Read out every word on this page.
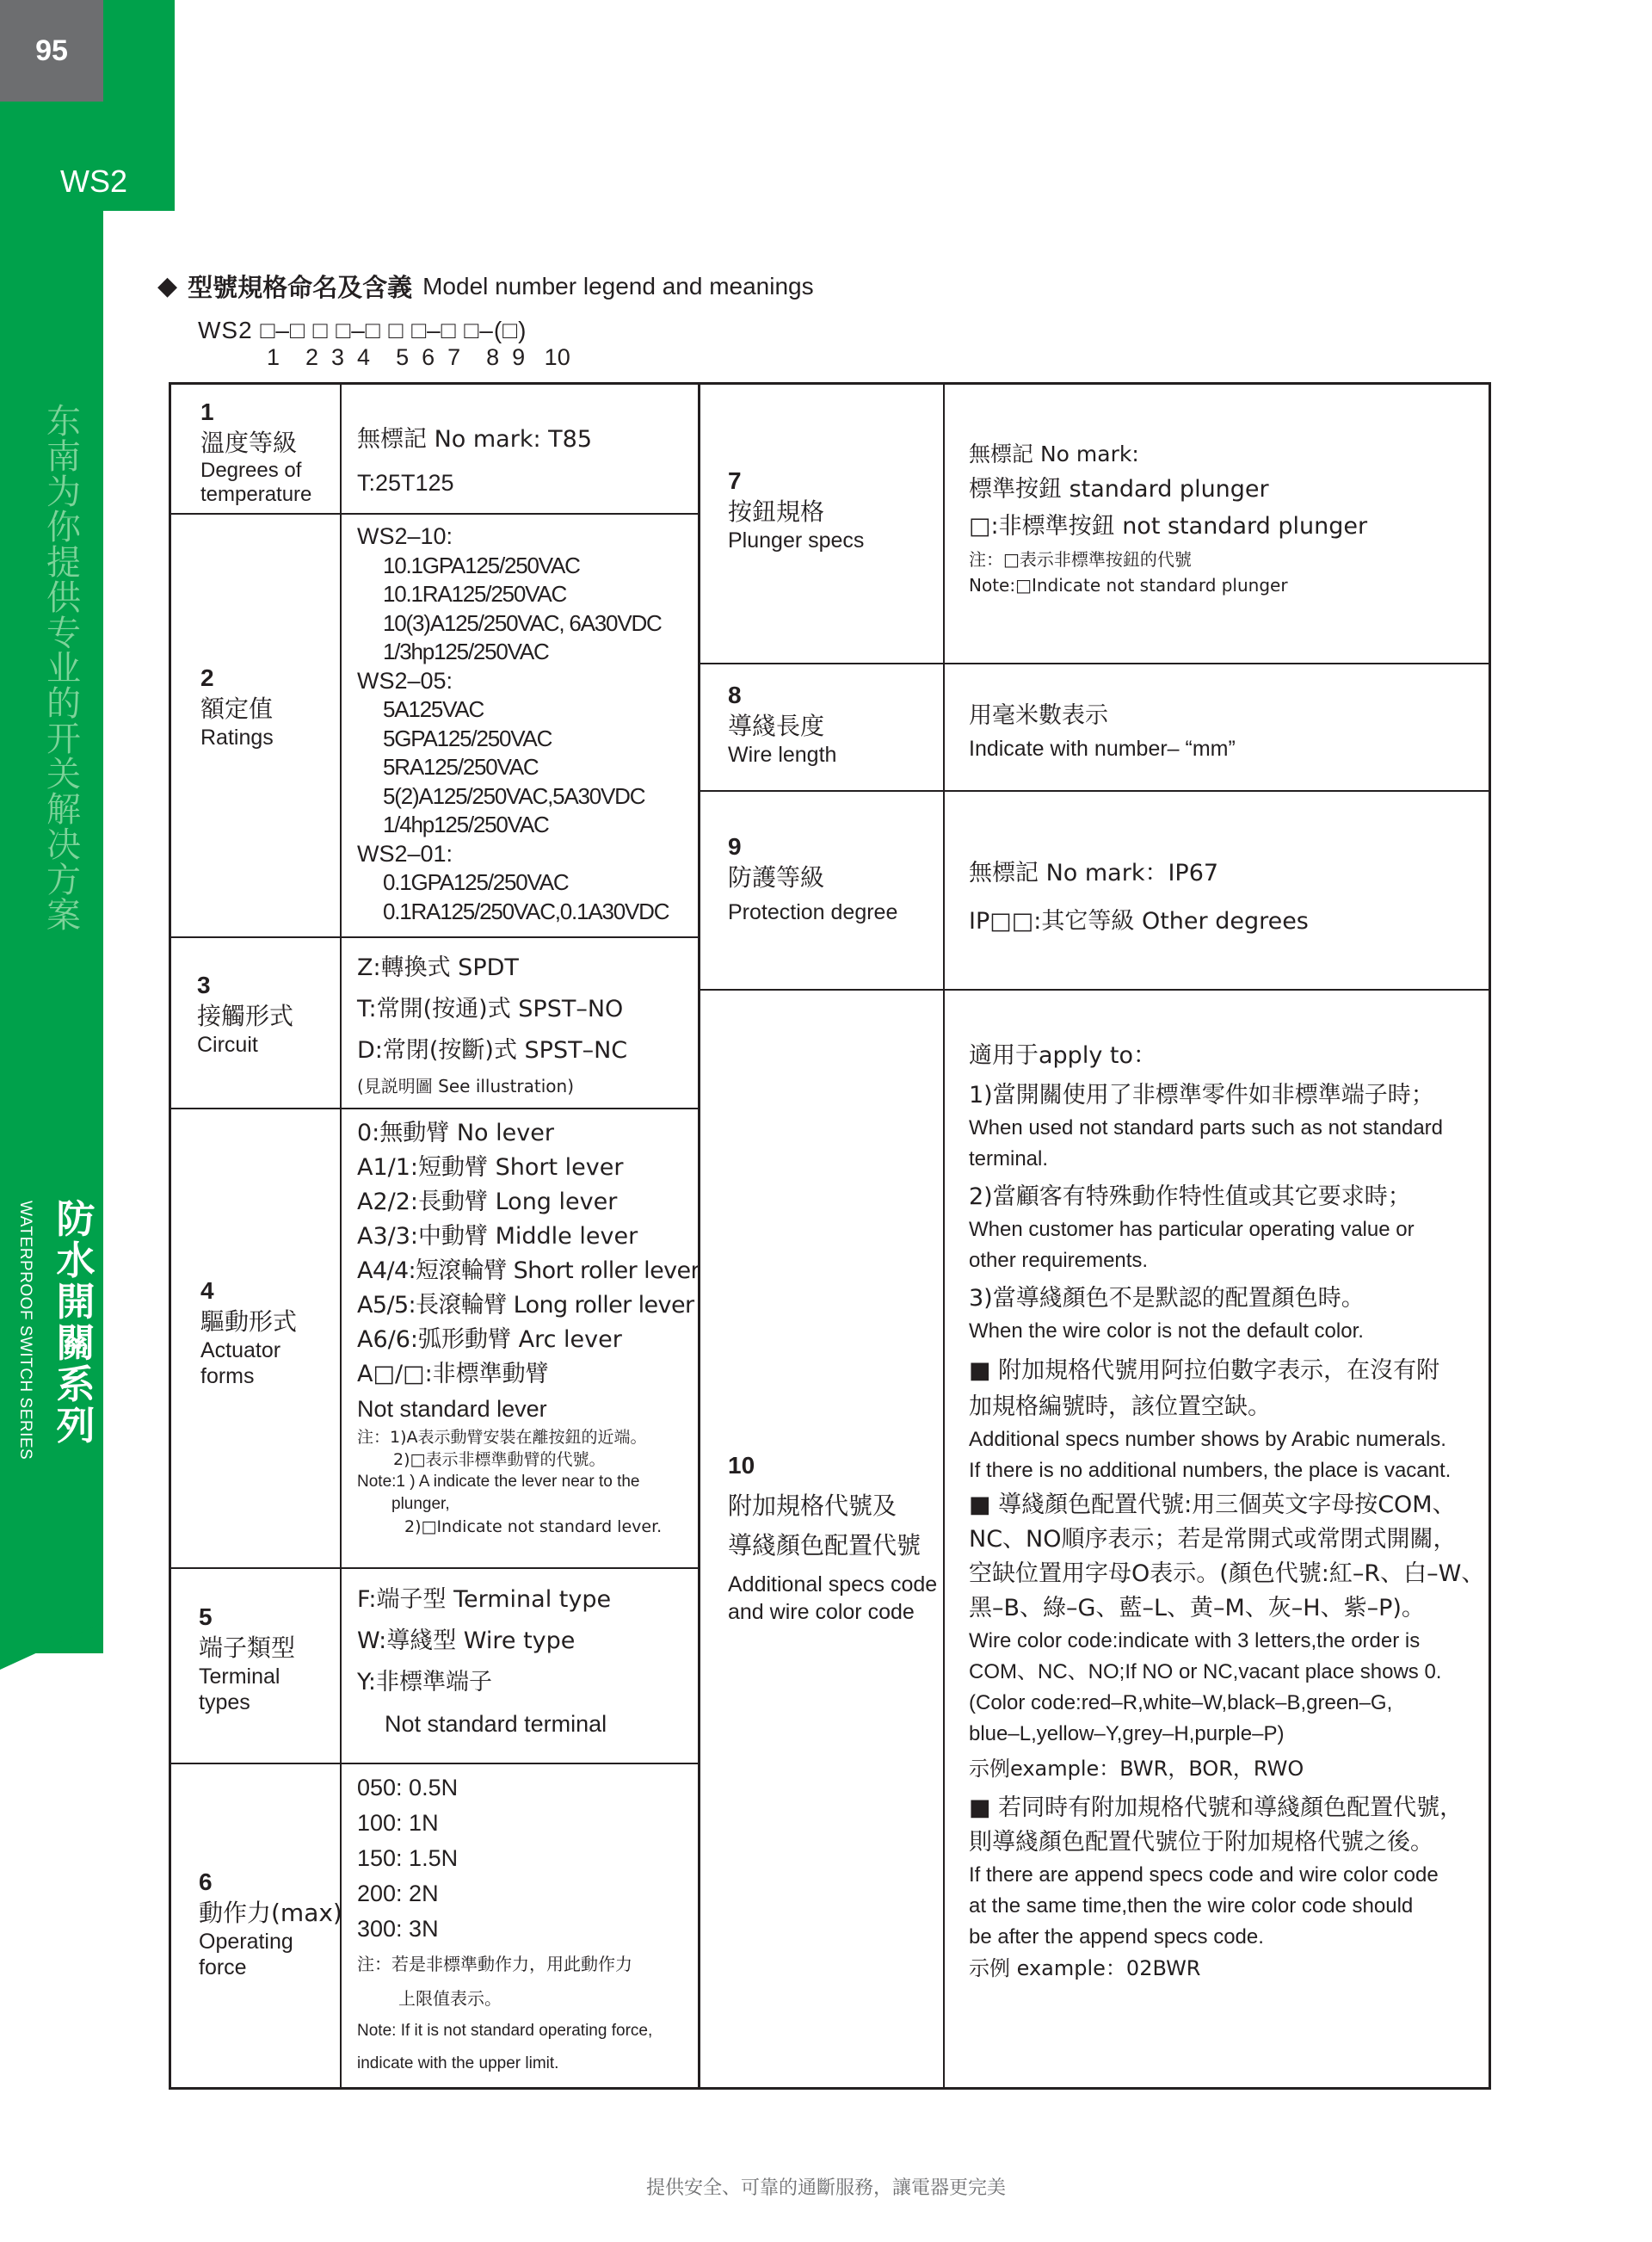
95
WS2
东南为你提供专业的开关解决方案
防水開關系列
WATERPROOF SWITCH SERIES
◆ 型號規格命名及含義 Model number legend and meanings
WS2 □–□ □ □–□ □ □–□ □–(□)
1    2  3  4    5  6  7    8  9   10
1
溫度等級
Degrees of
temperature
無標記 No mark: T85
T:25T125
2
額定值
Ratings
WS2–10:
10.1GPA125/250VAC
10.1RA125/250VAC
10(3)A125/250VAC, 6A30VDC
1/3hp125/250VAC
WS2–05:
5A125VAC
5GPA125/250VAC
5RA125/250VAC
5(2)A125/250VAC,5A30VDC
1/4hp125/250VAC
WS2–01:
0.1GPA125/250VAC
0.1RA125/250VAC,0.1A30VDC
3
接觸形式
Circuit
Z:轉換式 SPDT
T:常開(按通)式 SPST–NO
D:常閉(按斷)式 SPST–NC
(見説明圖 See illustration)
4
驅動形式
Actuator
forms
0:無動臂 No lever
A1/1:短動臂 Short lever
A2/2:長動臂 Long lever
A3/3:中動臂 Middle lever
A4/4:短滾輪臂 Short roller lever
A5/5:長滾輪臂 Long roller lever
A6/6:弧形動臂 Arc lever
A□/□:非標準動臂
Not standard lever
注：1)A表示動臂安裝在離按鈕的近端。
2)□表示非標準動臂的代號。
Note:1 ) A indicate the lever near to the
plunger,
2)□Indicate not standard lever.
5
端子類型
Terminal
types
F:端子型 Terminal type
W:導綫型 Wire type
Y:非標準端子
Not standard terminal
6
動作力(max)
Operating
force
050: 0.5N
100: 1N
150: 1.5N
200: 2N
300: 3N
注：若是非標準動作力，用此動作力
上限值表示。
Note: If it is not standard operating force,
indicate with the upper limit.
7
按鈕規格
Plunger specs
無標記 No mark:
標準按鈕 standard plunger
□:非標準按鈕 not standard plunger
注：□表示非標準按鈕的代號
Note:□Indicate not standard plunger
8
導綫長度
Wire length
用毫米數表示
Indicate with number– “mm”
9
防護等級
Protection degree
無標記 No mark：IP67
IP□□:其它等級 Other degrees
10
附加規格代號及
導綫顏色配置代號
Additional specs code
and wire color code
適用于apply to：
1)當開關使用了非標準零件如非標準端子時；
When used not standard parts such as not standard
terminal.
2)當顧客有特殊動作特性值或其它要求時；
When customer has particular operating value or
other requirements.
3)當導綫顏色不是默認的配置顏色時。
When the wire color is not the default color.
■ 附加規格代號用阿拉伯數字表示，在沒有附
加規格編號時，該位置空缺。
Additional specs number shows by Arabic numerals.
If there is no additional numbers, the place is vacant.
■ 導綫顏色配置代號:用三個英文字母按COM、
NC、NO順序表示；若是常開式或常閉式開關，
空缺位置用字母O表示。(顏色代號:紅–R、白–W、
黑–B、綠–G、藍–L、黄–M、灰–H、紫–P)。
Wire color code:indicate with 3 letters,the order is
COM、NC、NO;If NO or NC,vacant place shows 0.
(Color code:red–R,white–W,black–B,green–G,
blue–L,yellow–Y,grey–H,purple–P)
示例example：BWR，BOR，RWO
■ 若同時有附加規格代號和導綫顏色配置代號，
則導綫顏色配置代號位于附加規格代號之後。
If there are append specs code and wire color code
at the same time,then the wire color code should
be after the append specs code.
示例 example：02BWR
提供安全、可靠的通斷服務，讓電器更完美
